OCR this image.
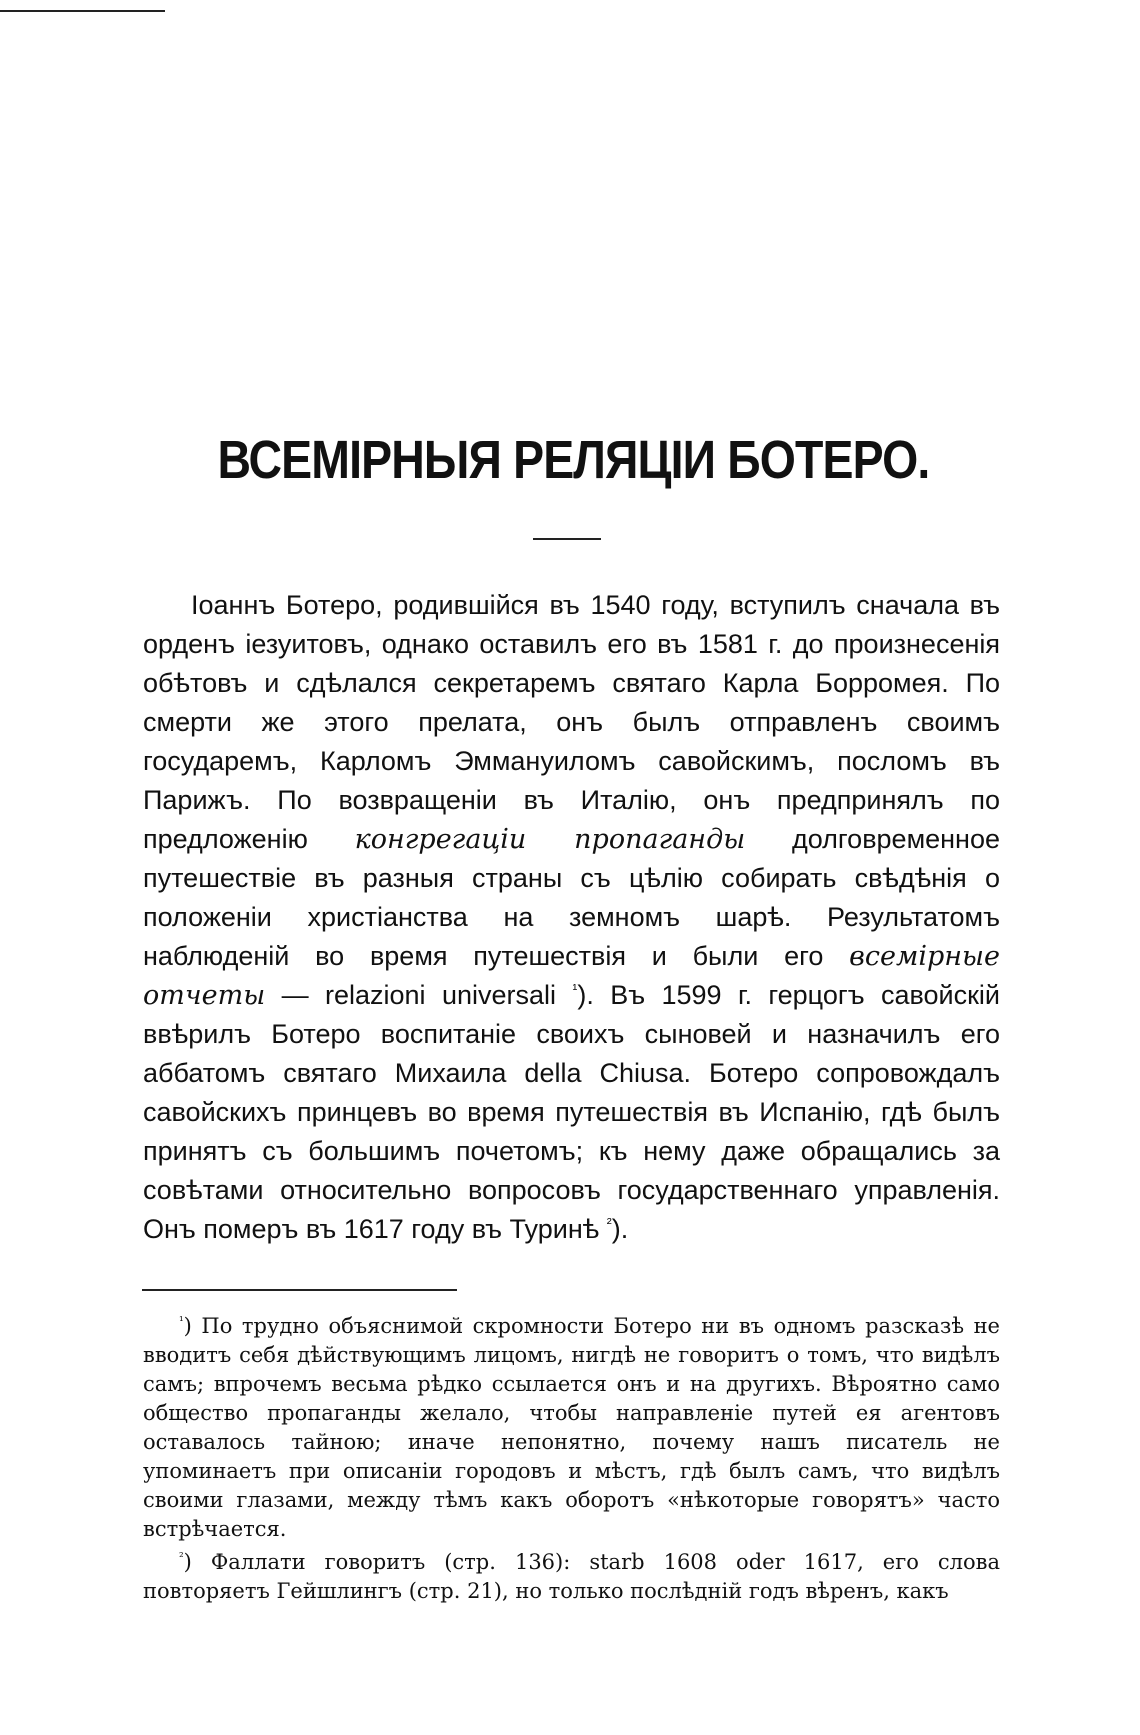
ВСЕМIРНЫЯ РЕЛЯЦIИ БОТЕРО.

Iоаннъ Ботеро, родившiйся въ 1540 году, вступилъ сначала въ орденъ iезуитовъ, однако оставилъ его въ 1581 г. до произнесенiя обѣтовъ и сдѣлался секретаремъ святаго Карла Борромея. По смерти же этого прелата, онъ былъ отправленъ своимъ государемъ, Карломъ Эммануиломъ савойскимъ, посломъ въ Парижъ. По возвращенiи въ Италiю, онъ предпринялъ по предложенiю конгрегацiи пропаганды долговременное путешествiе въ разныя страны съ цѣлiю собирать свѣдѣнiя о положенiи христiанства на земномъ шарѣ. Результатомъ наблюденiй во время путешествiя и были его всемiрные отчеты — relazioni universali $^{^1}$). Въ 1599 г. герцогъ савойскiй ввѣрилъ Ботеро воспитанiе своихъ сыновей и назначилъ его аббатомъ святаго Михаила della Chiusa. Ботеро сопровождалъ савойскихъ принцевъ во время путешествiя въ Испанiю, гдѣ былъ принятъ съ большимъ почетомъ; къ нему даже обращались за совѣтами относительно вопросовъ государственнаго управленiя. Онъ померъ въ 1617 году въ Туринѣ $^{^2}$).

$^{^1}$) По трудно объяснимой скромности Ботеро ни въ одномъ разсказѣ не вводитъ себя дѣйствующимъ лицомъ, нигдѣ не говоритъ о томъ, что видѣлъ самъ; впрочемъ весьма рѣдко ссылается онъ и на другихъ. Вѣроятно само общество пропаганды желало, чтобы направленiе путей ея агентовъ оставалось тайною; иначе непонятно, почему нашъ писатель не упоминаетъ при описанiи городовъ и мѣстъ, гдѣ былъ самъ, что видѣлъ своими глазами, между тѣмъ какъ оборотъ «нѣкоторые говорятъ» часто встрѣчается.

$^{^2}$) Фаллати говоритъ (стр. 136): starb 1608 oder 1617, его слова повторяетъ Гейшлингъ (стр. 21), но только послѣднiй годъ вѣренъ, какъ
